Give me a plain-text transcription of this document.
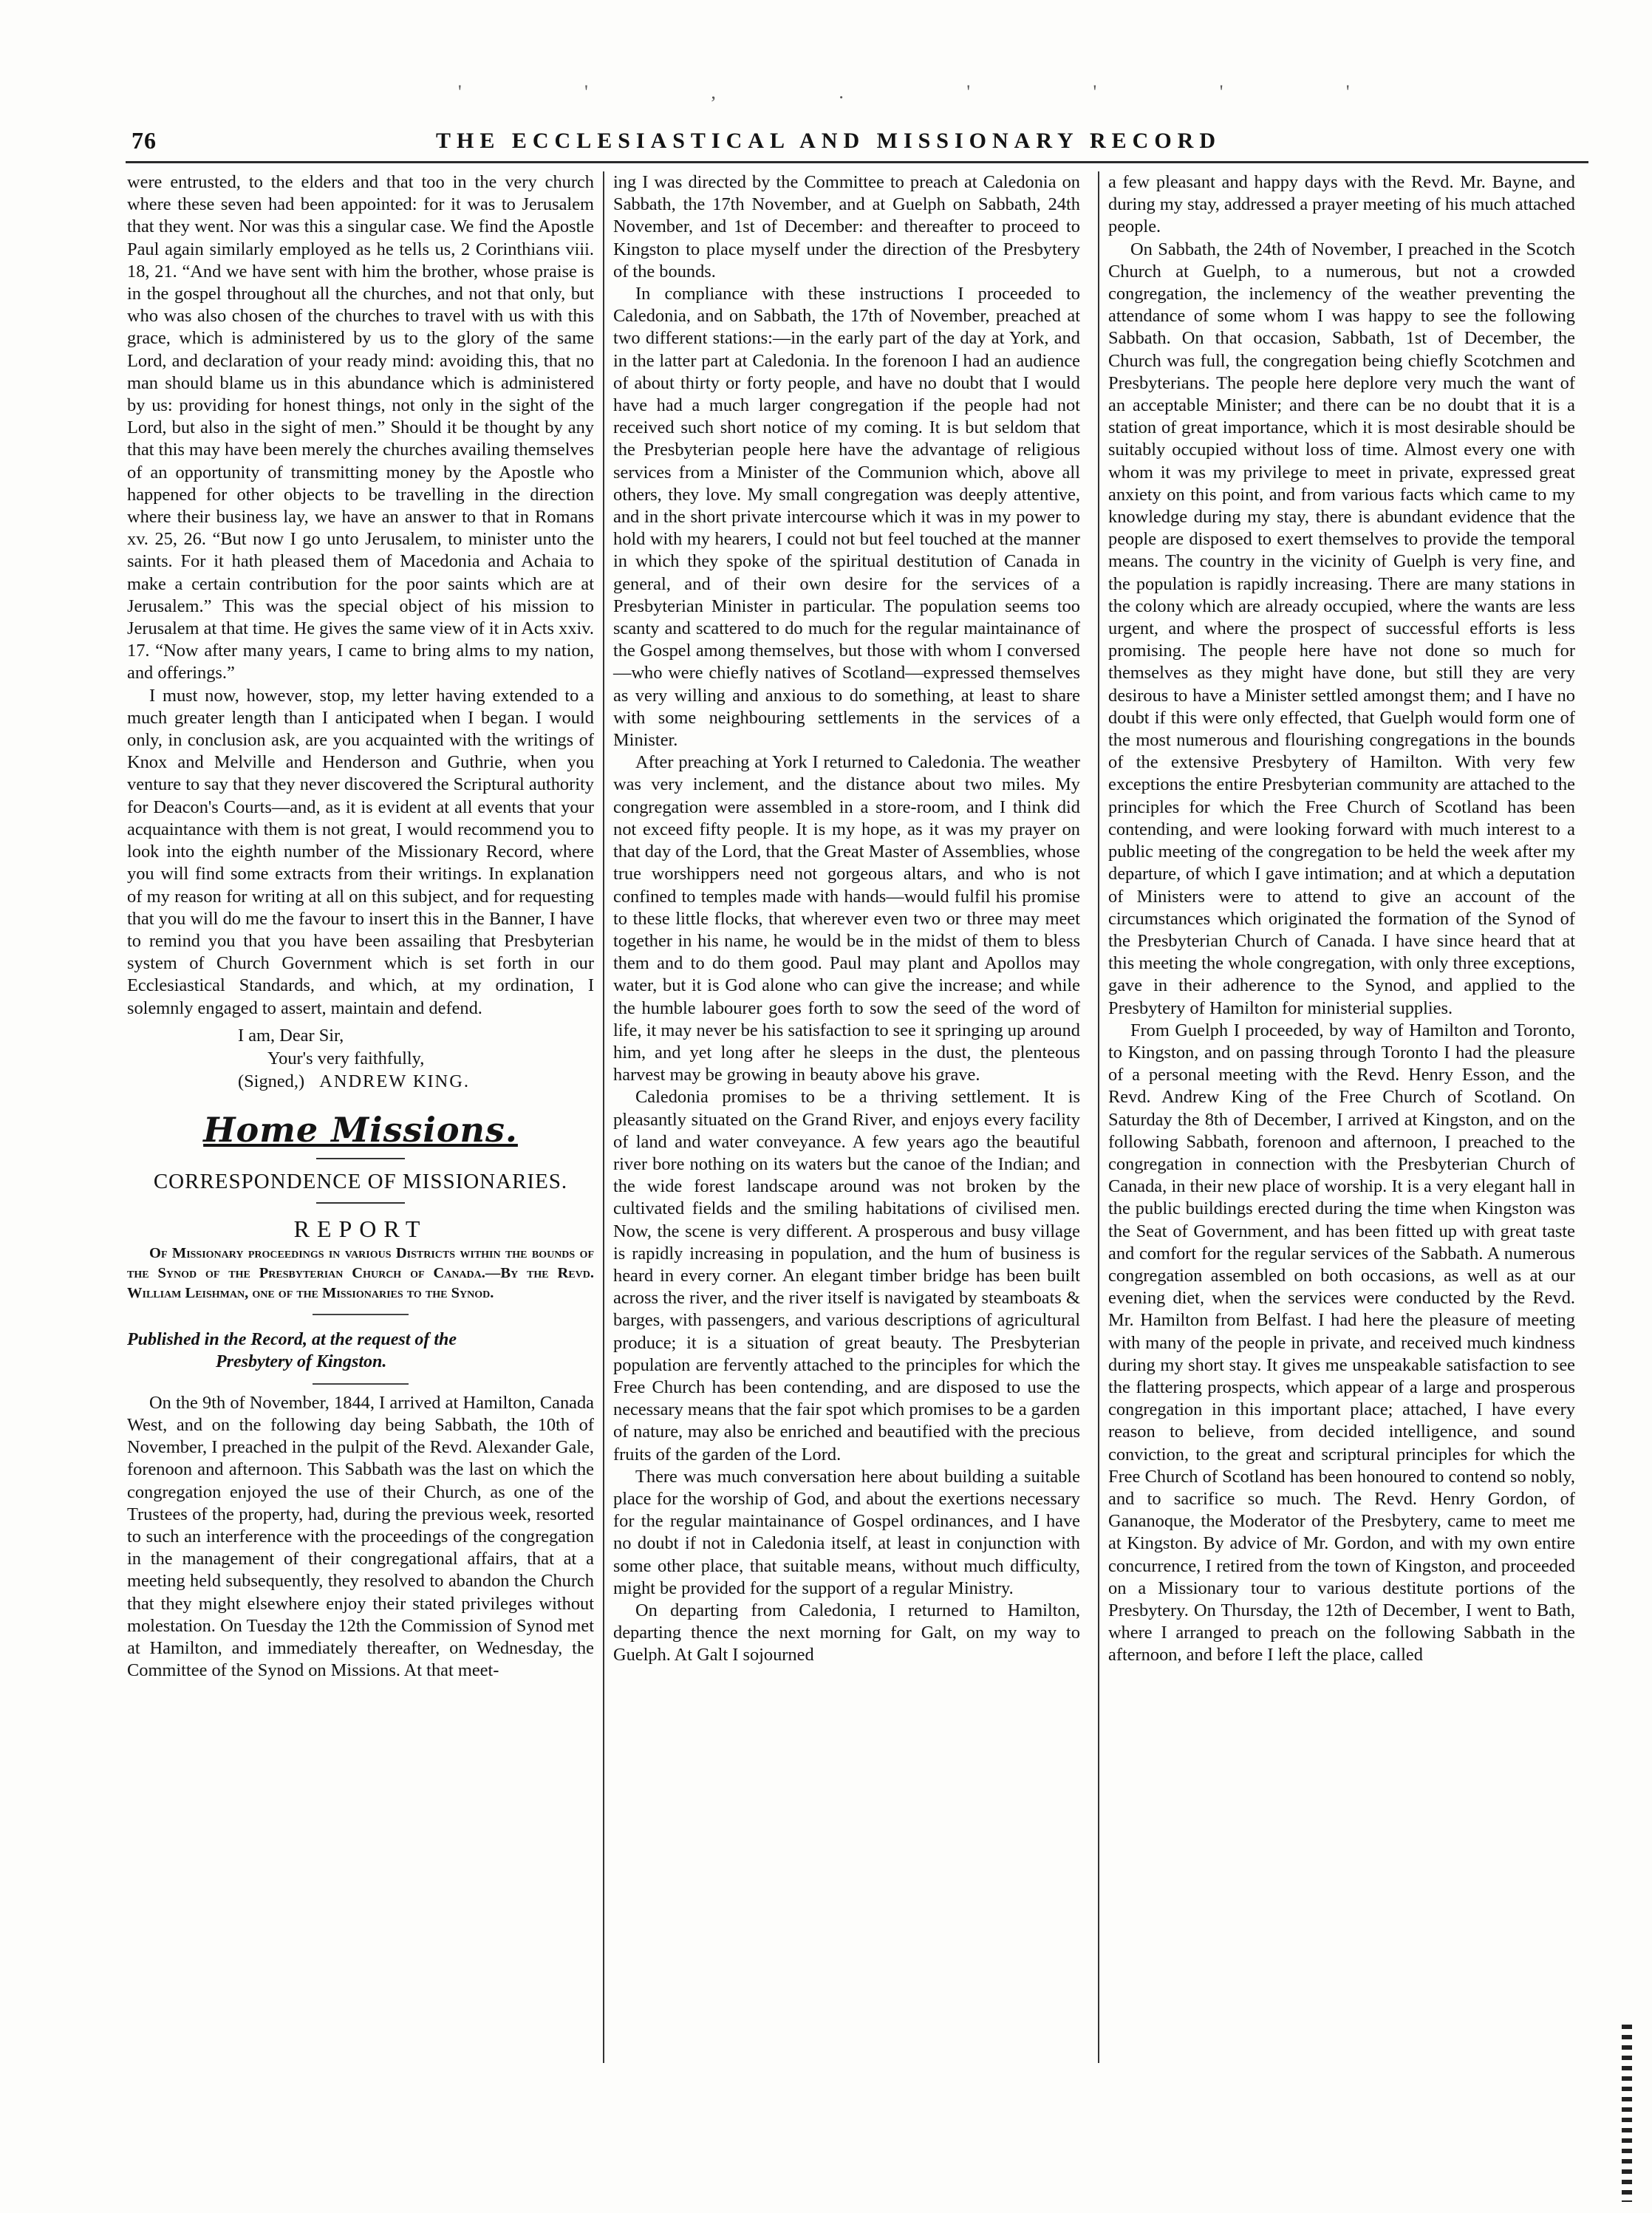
' ' , . ' ' ' '
76	THE ECCLESIASTICAL AND MISSIONARY RECORD

were entrusted, to the elders and that too in the very church where these seven had been appointed: for it was to Jerusalem that they went. Nor was this a singular case. We find the Apostle Paul again similarly employed as he tells us, 2 Corinthians viii. 18, 21. “And we have sent with him the brother, whose praise is in the gospel throughout all the churches, and not that only, but who was also chosen of the churches to travel with us with this grace, which is administered by us to the glory of the same Lord, and declaration of your ready mind: avoiding this, that no man should blame us in this abundance which is administered by us: providing for honest things, not only in the sight of the Lord, but also in the sight of men.” Should it be thought by any that this may have been merely the churches availing themselves of an opportunity of transmitting money by the Apostle who happened for other objects to be travelling in the direction where their business lay, we have an answer to that in Romans xv. 25, 26. “But now I go unto Jerusalem, to minister unto the saints. For it hath pleased them of Macedonia and Achaia to make a certain contribution for the poor saints which are at Jerusalem.” This was the special object of his mission to Jerusalem at that time. He gives the same view of it in Acts xxiv. 17. “Now after many years, I came to bring alms to my nation, and offerings.”

I must now, however, stop, my letter having extended to a much greater length than I anticipated when I began. I would only, in conclusion ask, are you acquainted with the writings of Knox and Melville and Henderson and Guthrie, when you venture to say that they never discovered the Scriptural authority for Deacon's Courts—and, as it is evident at all events that your acquaintance with them is not great, I would recommend you to look into the eighth number of the Missionary Record, where you will find some extracts from their writings. In explanation of my reason for writing at all on this subject, and for requesting that you will do me the favour to insert this in the Banner, I have to remind you that you have been assailing that Presbyterian system of Church Government which is set forth in our Ecclesiastical Standards, and which, at my ordination, I solemnly engaged to assert, maintain and defend.

I am, Dear Sir,
Your's very faithfully,
(Signed,) ANDREW KING.
Home Missions.
CORRESPONDENCE OF MISSIONARIES.
REPORT

Of Missionary proceedings in various Districts within the bounds of the Synod of the Presbyterian Church of Canada.—By the Revd. William Leishman, one of the Missionaries to the Synod.

Published in the Record, at the request of the
Presbytery of Kingston.

On the 9th of November, 1844, I arrived at Hamilton, Canada West, and on the following day being Sabbath, the 10th of November, I preached in the pulpit of the Revd. Alexander Gale, forenoon and afternoon. This Sabbath was the last on which the congregation enjoyed the use of their Church, as one of the Trustees of the property, had, during the previous week, resorted to such an interference with the proceedings of the congregation in the management of their congregational affairs, that at a meeting held subsequently, they resolved to abandon the Church that they might elsewhere enjoy their stated privileges without molestation. On Tuesday the 12th the Commission of Synod met at Hamilton, and immediately thereafter, on Wednesday, the Committee of the Synod on Missions. At that meet-

ing I was directed by the Committee to preach at Caledonia on Sabbath, the 17th November, and at Guelph on Sabbath, 24th November, and 1st of December: and thereafter to proceed to Kingston to place myself under the direction of the Presbytery of the bounds.

In compliance with these instructions I proceeded to Caledonia, and on Sabbath, the 17th of November, preached at two different stations:—in the early part of the day at York, and in the latter part at Caledonia. In the forenoon I had an audience of about thirty or forty people, and have no doubt that I would have had a much larger congregation if the people had not received such short notice of my coming. It is but seldom that the Presbyterian people here have the advantage of religious services from a Minister of the Communion which, above all others, they love. My small congregation was deeply attentive, and in the short private intercourse which it was in my power to hold with my hearers, I could not but feel touched at the manner in which they spoke of the spiritual destitution of Canada in general, and of their own desire for the services of a Presbyterian Minister in particular. The population seems too scanty and scattered to do much for the regular maintainance of the Gospel among themselves, but those with whom I conversed—who were chiefly natives of Scotland—expressed themselves as very willing and anxious to do something, at least to share with some neighbouring settlements in the services of a Minister.

After preaching at York I returned to Caledonia. The weather was very inclement, and the distance about two miles. My congregation were assembled in a store-room, and I think did not exceed fifty people. It is my hope, as it was my prayer on that day of the Lord, that the Great Master of Assemblies, whose true worshippers need not gorgeous altars, and who is not confined to temples made with hands—would fulfil his promise to these little flocks, that wherever even two or three may meet together in his name, he would be in the midst of them to bless them and to do them good. Paul may plant and Apollos may water, but it is God alone who can give the increase; and while the humble labourer goes forth to sow the seed of the word of life, it may never be his satisfaction to see it springing up around him, and yet long after he sleeps in the dust, the plenteous harvest may be growing in beauty above his grave.

Caledonia promises to be a thriving settlement. It is pleasantly situated on the Grand River, and enjoys every facility of land and water conveyance. A few years ago the beautiful river bore nothing on its waters but the canoe of the Indian; and the wide forest landscape around was not broken by the cultivated fields and the smiling habitations of civilised men. Now, the scene is very different. A prosperous and busy village is rapidly increasing in population, and the hum of business is heard in every corner. An elegant timber bridge has been built across the river, and the river itself is navigated by steamboats & barges, with passengers, and various descriptions of agricultural produce; it is a situation of great beauty. The Presbyterian population are fervently attached to the principles for which the Free Church has been contending, and are disposed to use the necessary means that the fair spot which promises to be a garden of nature, may also be enriched and beautified with the precious fruits of the garden of the Lord.

There was much conversation here about building a suitable place for the worship of God, and about the exertions necessary for the regular maintainance of Gospel ordinances, and I have no doubt if not in Caledonia itself, at least in conjunction with some other place, that suitable means, without much difficulty, might be provided for the support of a regular Ministry.

On departing from Caledonia, I returned to Hamilton, departing thence the next morning for Galt, on my way to Guelph. At Galt I sojourned

a few pleasant and happy days with the Revd. Mr. Bayne, and during my stay, addressed a prayer meeting of his much attached people.

On Sabbath, the 24th of November, I preached in the Scotch Church at Guelph, to a numerous, but not a crowded congregation, the inclemency of the weather preventing the attendance of some whom I was happy to see the following Sabbath. On that occasion, Sabbath, 1st of December, the Church was full, the congregation being chiefly Scotchmen and Presbyterians. The people here deplore very much the want of an acceptable Minister; and there can be no doubt that it is a station of great importance, which it is most desirable should be suitably occupied without loss of time. Almost every one with whom it was my privilege to meet in private, expressed great anxiety on this point, and from various facts which came to my knowledge during my stay, there is abundant evidence that the people are disposed to exert themselves to provide the temporal means. The country in the vicinity of Guelph is very fine, and the population is rapidly increasing. There are many stations in the colony which are already occupied, where the wants are less urgent, and where the prospect of successful efforts is less promising. The people here have not done so much for themselves as they might have done, but still they are very desirous to have a Minister settled amongst them; and I have no doubt if this were only effected, that Guelph would form one of the most numerous and flourishing congregations in the bounds of the extensive Presbytery of Hamilton. With very few exceptions the entire Presbyterian community are attached to the principles for which the Free Church of Scotland has been contending, and were looking forward with much interest to a public meeting of the congregation to be held the week after my departure, of which I gave intimation; and at which a deputation of Ministers were to attend to give an account of the circumstances which originated the formation of the Synod of the Presbyterian Church of Canada. I have since heard that at this meeting the whole congregation, with only three exceptions, gave in their adherence to the Synod, and applied to the Presbytery of Hamilton for ministerial supplies.

From Guelph I proceeded, by way of Hamilton and Toronto, to Kingston, and on passing through Toronto I had the pleasure of a personal meeting with the Revd. Henry Esson, and the Revd. Andrew King of the Free Church of Scotland. On Saturday the 8th of December, I arrived at Kingston, and on the following Sabbath, forenoon and afternoon, I preached to the congregation in connection with the Presbyterian Church of Canada, in their new place of worship. It is a very elegant hall in the public buildings erected during the time when Kingston was the Seat of Government, and has been fitted up with great taste and comfort for the regular services of the Sabbath. A numerous congregation assembled on both occasions, as well as at our evening diet, when the services were conducted by the Revd. Mr. Hamilton from Belfast. I had here the pleasure of meeting with many of the people in private, and received much kindness during my short stay. It gives me unspeakable satisfaction to see the flattering prospects, which appear of a large and prosperous congregation in this important place; attached, I have every reason to believe, from decided intelligence, and sound conviction, to the great and scriptural principles for which the Free Church of Scotland has been honoured to contend so nobly, and to sacrifice so much. The Revd. Henry Gordon, of Gananoque, the Moderator of the Presbytery, came to meet me at Kingston. By advice of Mr. Gordon, and with my own entire concurrence, I retired from the town of Kingston, and proceeded on a Missionary tour to various destitute portions of the Presbytery. On Thursday, the 12th of December, I went to Bath, where I arranged to preach on the following Sabbath in the afternoon, and before I left the place, called
